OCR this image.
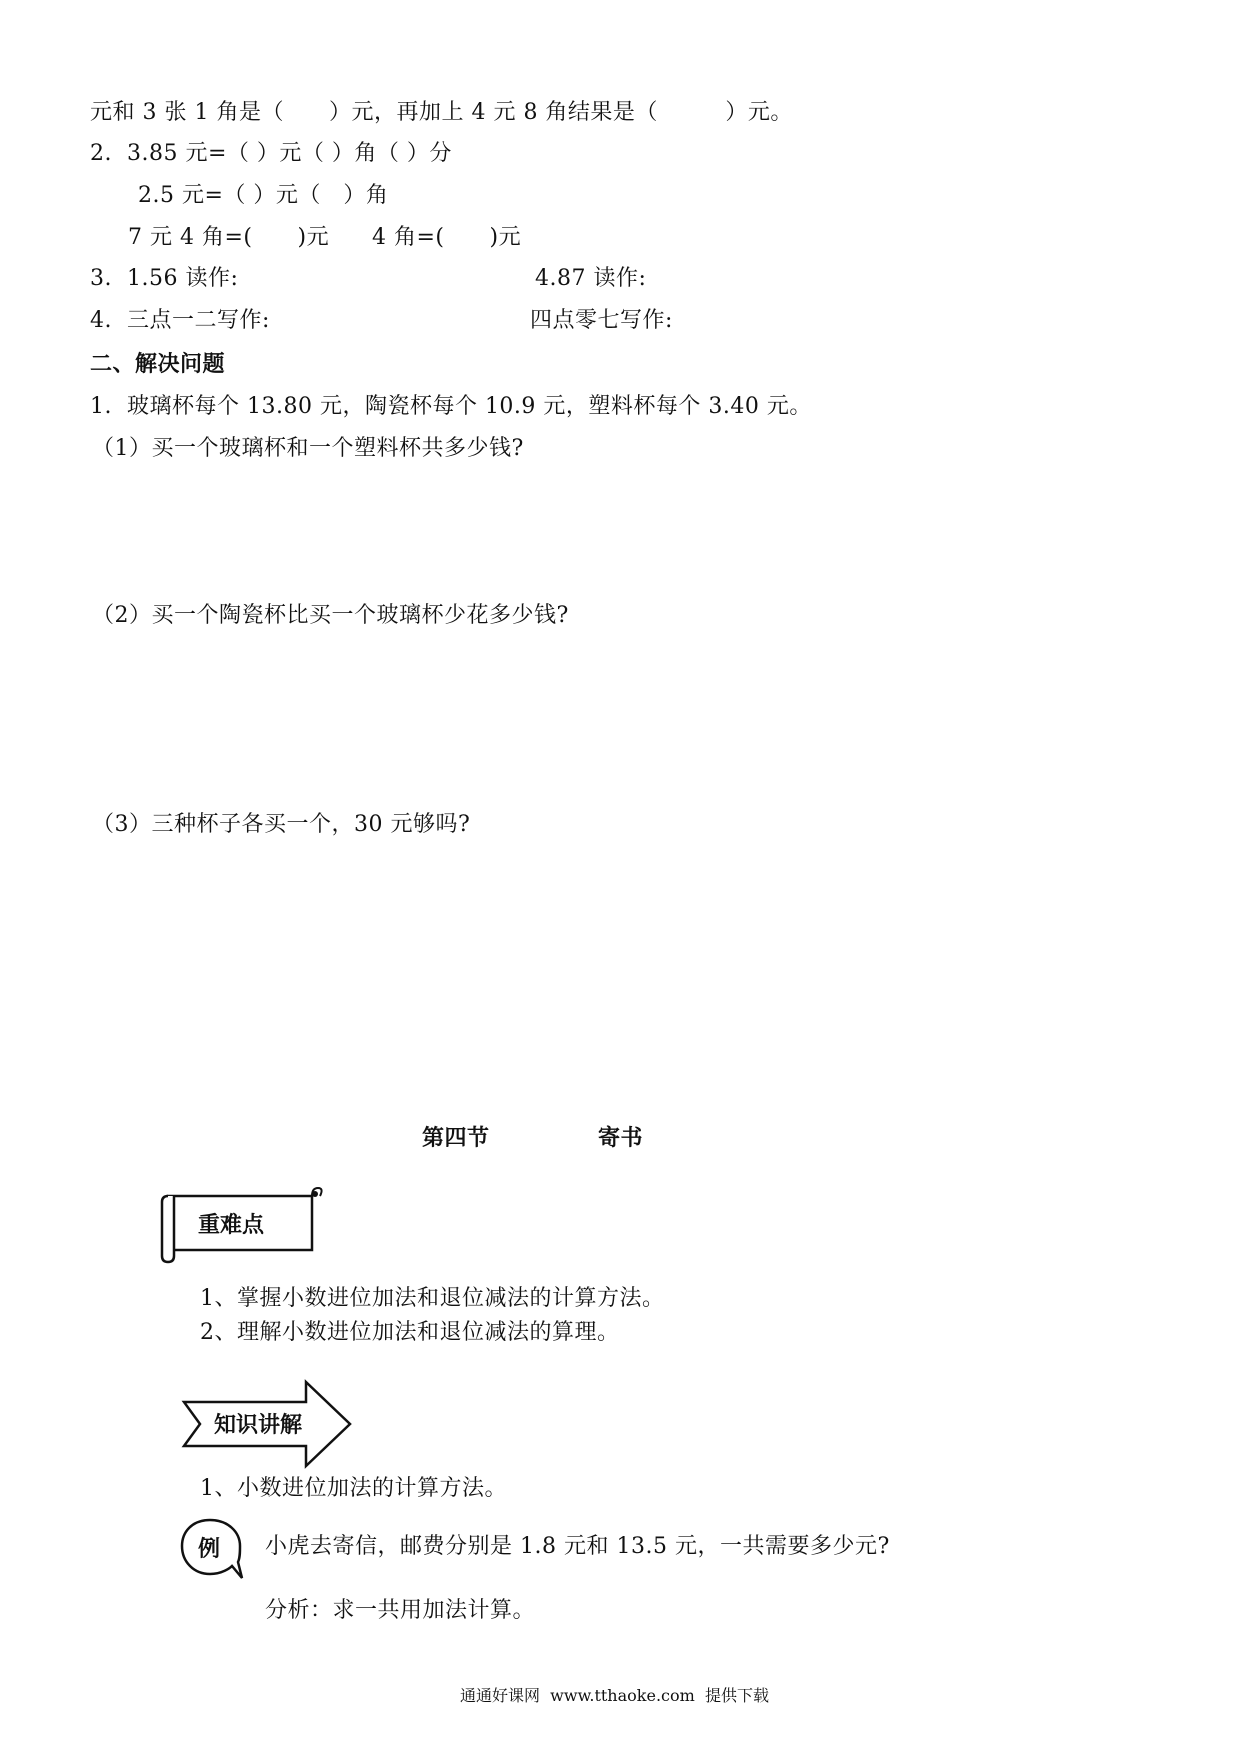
元和 3 张 1 角是（　　）元，再加上 4 元 8 角结果是（　　　）元。
2.  3.85 元=（ ）元（ ）角（ ）分
2.5 元=（ ）元（　）角
7 元 4 角=(　　)元 4 角=(　　)元
3.  1.56 读作:	4.87 读作:
4.  三点一二写作:	四点零七写作:
二、解决问题
1.  玻璃杯每个 13.80 元，陶瓷杯每个 10.9 元，塑料杯每个 3.40 元。
（1）买一个玻璃杯和一个塑料杯共多少钱?
（2）买一个陶瓷杯比买一个玻璃杯少花多少钱?
（3）三种杯子各买一个，30 元够吗?
第四节	寄书
重难点
1、掌握小数进位加法和退位减法的计算方法。
2、理解小数进位加法和退位减法的算理。
知识讲解
1、小数进位加法的计算方法。
例 小虎去寄信，邮费分别是 1.8 元和 13.5 元，一共需要多少元?
分析：求一共用加法计算。
通通好课网  www.tthaoke.com  提供下载
